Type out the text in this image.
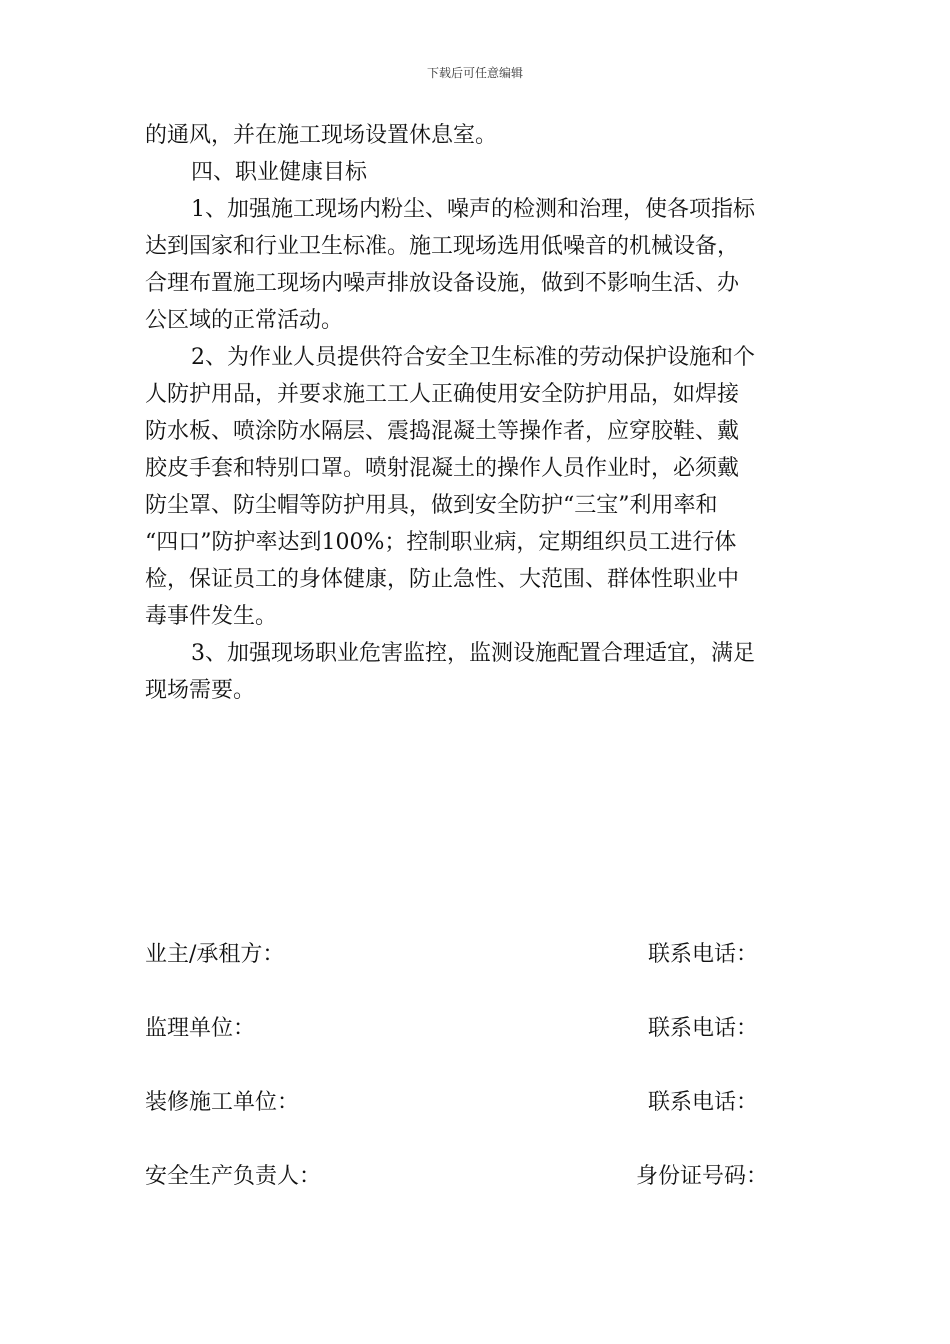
下载后可任意编辑
的通风，并在施工现场设置休息室。
四、职业健康目标
1、加强施工现场内粉尘、噪声的检测和治理，使各项指标
达到国家和行业卫生标准。施工现场选用低噪音的机械设备，
合理布置施工现场内噪声排放设备设施，做到不影响生活、办
公区域的正常活动。
2、为作业人员提供符合安全卫生标准的劳动保护设施和个
人防护用品，并要求施工工人正确使用安全防护用品，如焊接
防水板、喷涂防水隔层、震捣混凝土等操作者，应穿胶鞋、戴
胶皮手套和特别口罩。喷射混凝土的操作人员作业时，必须戴
防尘罩、防尘帽等防护用具，做到安全防护“三宝”利用率和
“四口”防护率达到100%；控制职业病，定期组织员工进行体
检，保证员工的身体健康，防止急性、大范围、群体性职业中
毒事件发生。
3、加强现场职业危害监控，监测设施配置合理适宜，满足
现场需要。
业主/承租方：	联系电话：
监理单位：	联系电话：
装修施工单位：	联系电话：
安全生产负责人：	身份证号码：
